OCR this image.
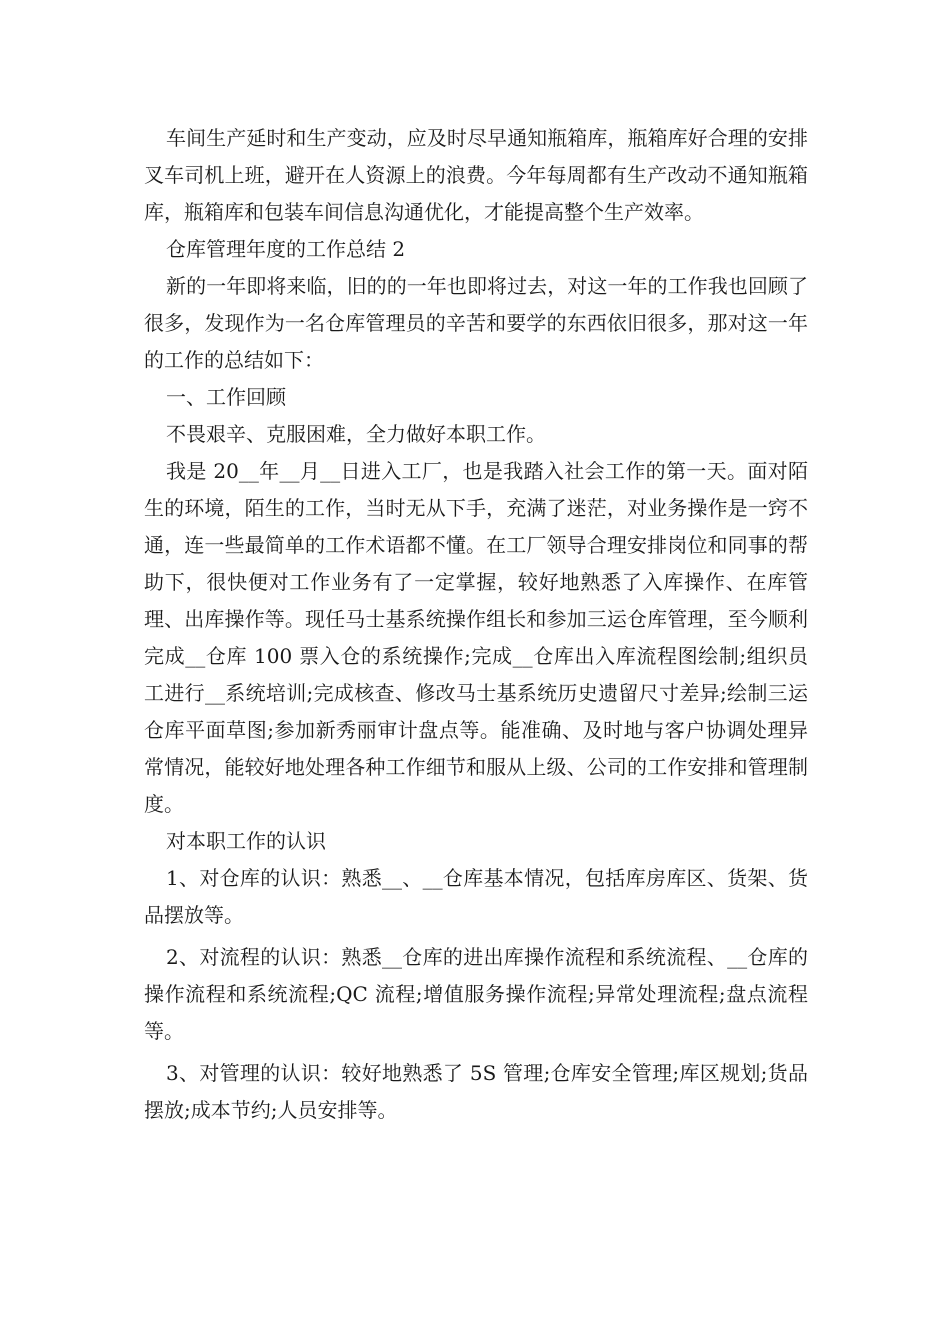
车间生产延时和生产变动，应及时尽早通知瓶箱库，瓶箱库好合理的安排叉车司机上班，避开在人资源上的浪费。今年每周都有生产改动不通知瓶箱库，瓶箱库和包装车间信息沟通优化，才能提高整个生产效率。

仓库管理年度的工作总结 2

新的一年即将来临，旧的的一年也即将过去，对这一年的工作我也回顾了很多，发现作为一名仓库管理员的辛苦和要学的东西依旧很多，那对这一年的工作的总结如下：

一、工作回顾

不畏艰辛、克服困难，全力做好本职工作。

我是 20__年__月__日进入工厂，也是我踏入社会工作的第一天。面对陌生的环境，陌生的工作，当时无从下手，充满了迷茫，对业务操作是一窍不通，连一些最简单的工作术语都不懂。在工厂领导合理安排岗位和同事的帮助下，很快便对工作业务有了一定掌握，较好地熟悉了入库操作、在库管理、出库操作等。现任马士基系统操作组长和参加三运仓库管理，至今顺利完成__仓库 100 票入仓的系统操作;完成__仓库出入库流程图绘制;组织员工进行__系统培训;完成核查、修改马士基系统历史遗留尺寸差异;绘制三运仓库平面草图;参加新秀丽审计盘点等。能准确、及时地与客户协调处理异常情况，能较好地处理各种工作细节和服从上级、公司的工作安排和管理制度。

对本职工作的认识

1、对仓库的认识：熟悉__、__仓库基本情况，包括库房库区、货架、货品摆放等。

2、对流程的认识：熟悉__仓库的进出库操作流程和系统流程、__仓库的操作流程和系统流程;QC 流程;增值服务操作流程;异常处理流程;盘点流程等。

3、对管理的认识：较好地熟悉了 5S 管理;仓库安全管理;库区规划;货品摆放;成本节约;人员安排等。
